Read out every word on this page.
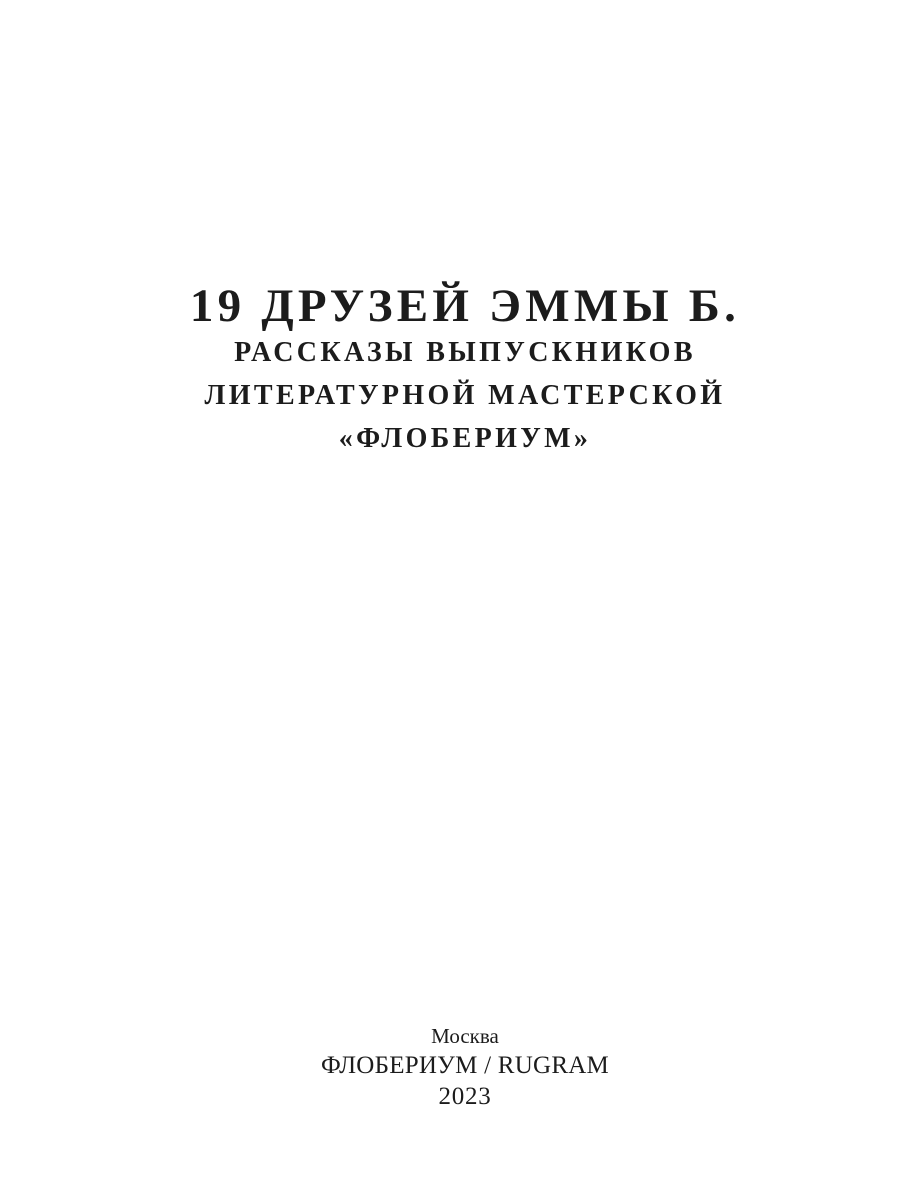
19 ДРУЗЕЙ ЭММЫ Б.
РАССКАЗЫ ВЫПУСКНИКОВ
ЛИТЕРАТУРНОЙ МАСТЕРСКОЙ
«ФЛОБЕРИУМ»
Москва
ФЛОБЕРИУМ / RUGRAM
2023
